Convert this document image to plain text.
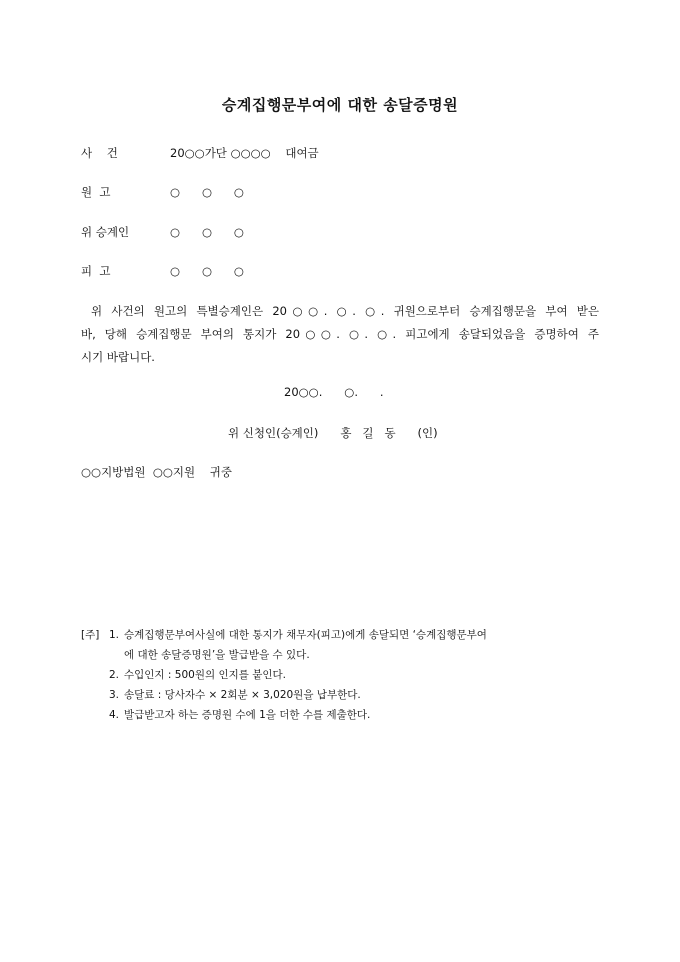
승계집행문부여에 대한 송달증명원
사    건	20○○가단 ○○○○    대여금
원  고	○      ○      ○
위 승계인	○      ○      ○
피  고	○      ○      ○
위 사건의 원고의 특별승계인은 20○○. ○. ○. 귀원으로부터 승계집행문을 부여 받은
바, 당해 승계집행문 부여의 통지가 20○○. ○. ○. 피고에게 송달되었음을 증명하여 주
시기 바랍니다.
20○○.      ○.      .
위 신청인(승계인)      홍   길   동      (인)
○○지방법원  ○○지원    귀중
[주] 1. 승계집행문부여사실에 대한 통지가 채무자(피고)에게 송달되면 ‘승계집행문부여
에 대한 송달증명원’을 발급받을 수 있다.
2. 수입인지 : 500원의 인지를 붙인다.
3. 송달료 : 당사자수 × 2회분 × 3,020원을 납부한다.
4. 발급받고자 하는 증명원 수에 1을 더한 수를 제출한다.
